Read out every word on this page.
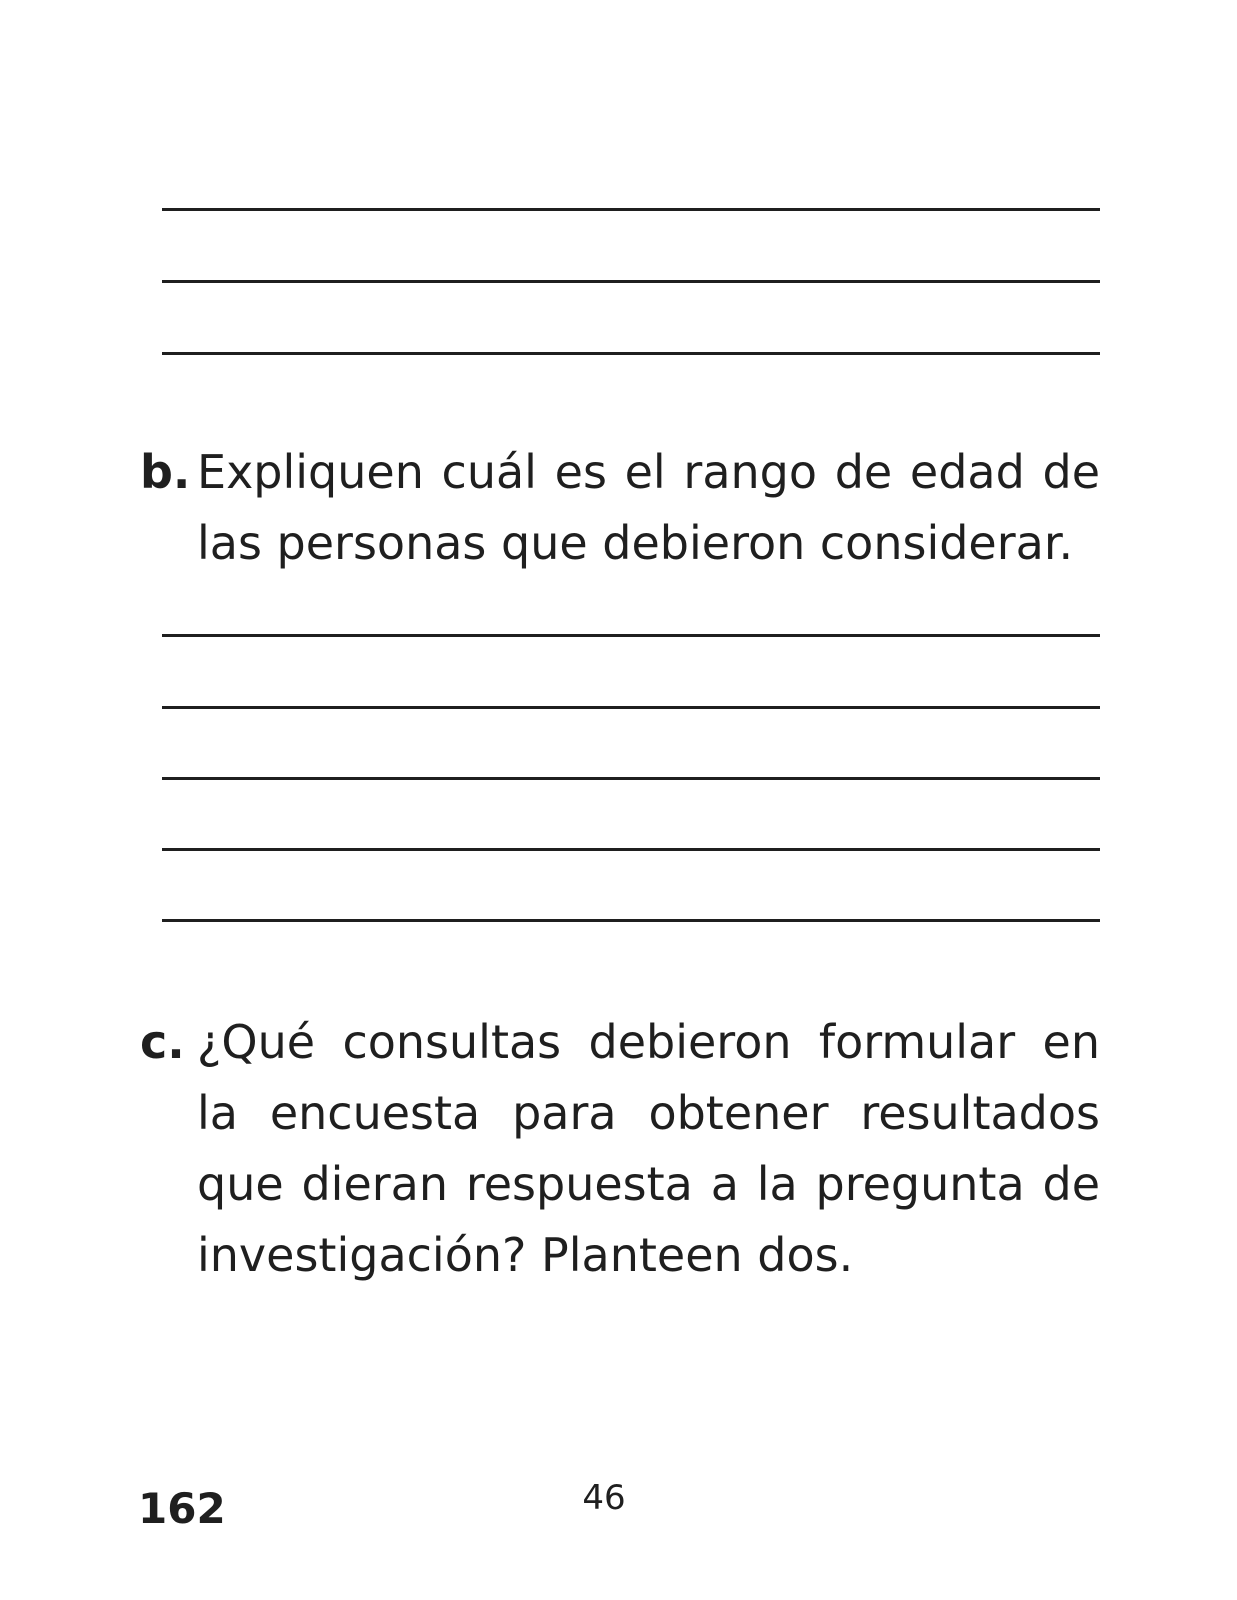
b. Expliquen cuál es el rango de edad de las personas que debieron considerar.
c. ¿Qué consultas debieron formular en la encuesta para obtener resultados que dieran respuesta a la pregunta de investigación? Planteen dos.
162	46
